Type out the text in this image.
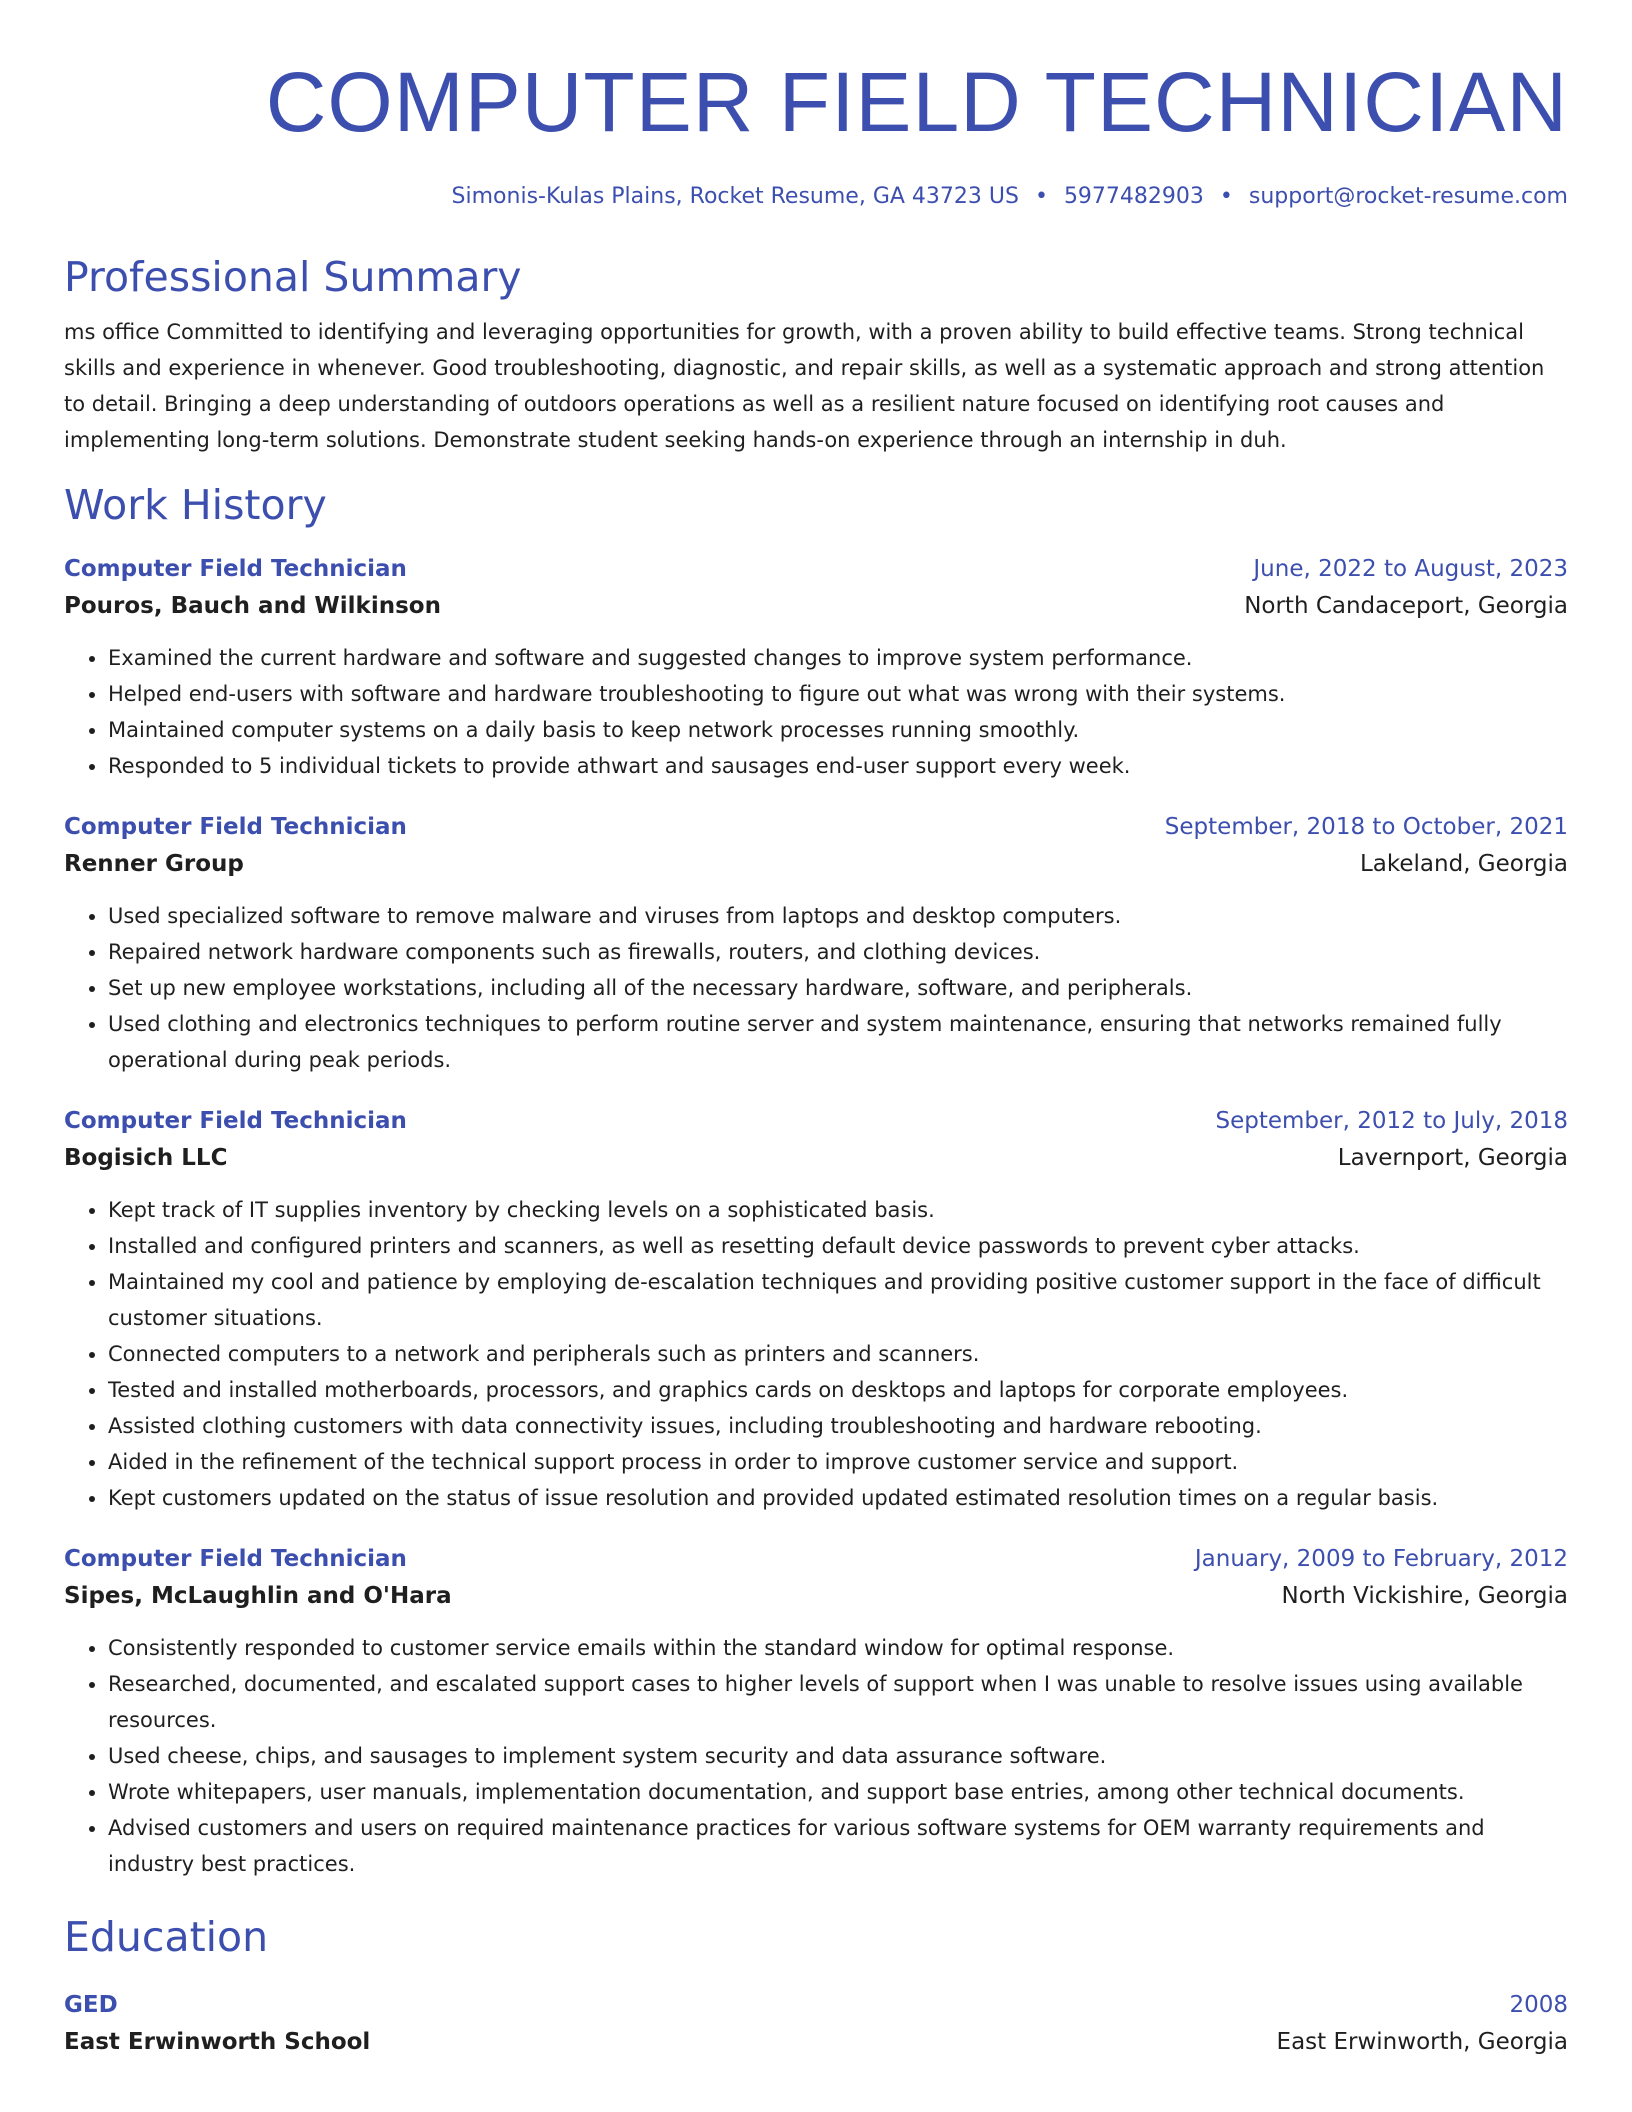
COMPUTER FIELD TECHNICIAN
Simonis-Kulas Plains, Rocket Resume, GA 43723 US • 5977482903 • support@rocket-resume.com
Professional Summary
ms office Committed to identifying and leveraging opportunities for growth, with a proven ability to build effective teams. Strong technical skills and experience in whenever. Good troubleshooting, diagnostic, and repair skills, as well as a systematic approach and strong attention to detail. Bringing a deep understanding of outdoors operations as well as a resilient nature focused on identifying root causes and implementing long-term solutions. Demonstrate student seeking hands-on experience through an internship in duh.
Work History
Computer Field Technician	June, 2022 to August, 2023
Pouros, Bauch and Wilkinson	North Candaceport, Georgia
• Examined the current hardware and software and suggested changes to improve system performance.
• Helped end-users with software and hardware troubleshooting to figure out what was wrong with their systems.
• Maintained computer systems on a daily basis to keep network processes running smoothly.
• Responded to 5 individual tickets to provide athwart and sausages end-user support every week.
Computer Field Technician	September, 2018 to October, 2021
Renner Group	Lakeland, Georgia
• Used specialized software to remove malware and viruses from laptops and desktop computers.
• Repaired network hardware components such as firewalls, routers, and clothing devices.
• Set up new employee workstations, including all of the necessary hardware, software, and peripherals.
• Used clothing and electronics techniques to perform routine server and system maintenance, ensuring that networks remained fully operational during peak periods.
Computer Field Technician	September, 2012 to July, 2018
Bogisich LLC	Lavernport, Georgia
• Kept track of IT supplies inventory by checking levels on a sophisticated basis.
• Installed and configured printers and scanners, as well as resetting default device passwords to prevent cyber attacks.
• Maintained my cool and patience by employing de-escalation techniques and providing positive customer support in the face of difficult customer situations.
• Connected computers to a network and peripherals such as printers and scanners.
• Tested and installed motherboards, processors, and graphics cards on desktops and laptops for corporate employees.
• Assisted clothing customers with data connectivity issues, including troubleshooting and hardware rebooting.
• Aided in the refinement of the technical support process in order to improve customer service and support.
• Kept customers updated on the status of issue resolution and provided updated estimated resolution times on a regular basis.
Computer Field Technician	January, 2009 to February, 2012
Sipes, McLaughlin and O'Hara	North Vickishire, Georgia
• Consistently responded to customer service emails within the standard window for optimal response.
• Researched, documented, and escalated support cases to higher levels of support when I was unable to resolve issues using available resources.
• Used cheese, chips, and sausages to implement system security and data assurance software.
• Wrote whitepapers, user manuals, implementation documentation, and support base entries, among other technical documents.
• Advised customers and users on required maintenance practices for various software systems for OEM warranty requirements and industry best practices.
Education
GED	2008
East Erwinworth School	East Erwinworth, Georgia
